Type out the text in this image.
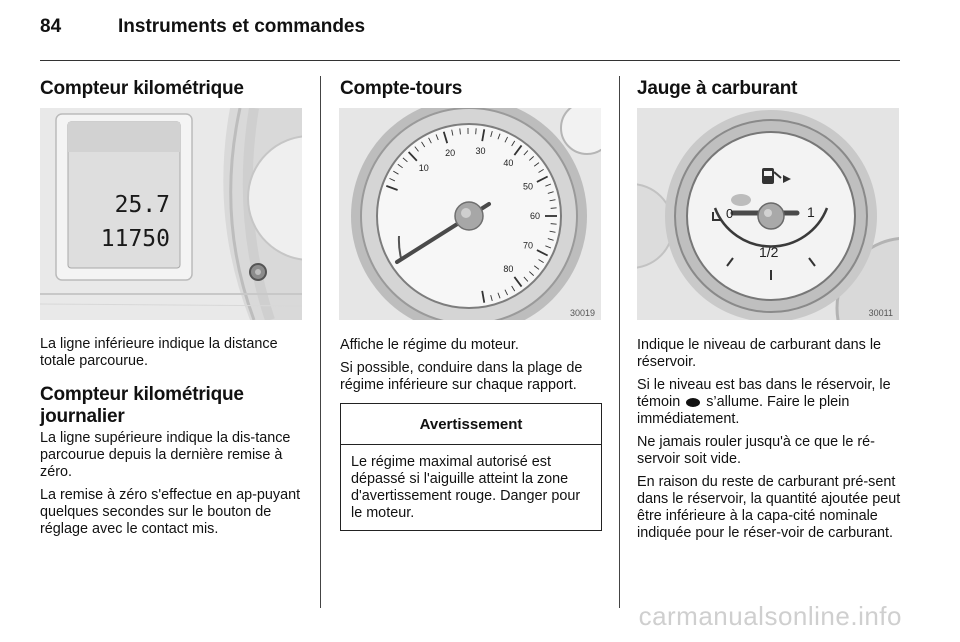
84	Instruments et commandes
Compteur kilométrique
25.7
11750

La ligne inférieure indique la distance totale parcourue.

Compteur kilométrique journalier

La ligne supérieure indique la dis-tance parcourue depuis la dernière remise à zéro.

La remise à zéro s'effectue en ap-puyant quelques secondes sur le bouton de réglage avec le contact mis.

Compte-tours
10
20 30
40
50
60
70
80
30019

Affiche le régime du moteur.

Si possible, conduire dans la plage de régime inférieure sur chaque rapport.

Avertissement
Le régime maximal autorisé est dépassé si l'aiguille atteint la zone d'avertissement rouge. Danger pour le moteur.
Jauge à carburant
0	1
1/2
30011

Indique le niveau de carburant dans le réservoir.

Si le niveau est bas dans le réservoir, le témoin s’allume. Faire le plein immédiatement.

Ne jamais rouler jusqu'à ce que le ré-servoir soit vide.

En raison du reste de carburant pré-sent dans le réservoir, la quantité ajoutée peut être inférieure à la capa-cité nominale indiquée pour le réser-voir de carburant.

carmanualsonline.info
